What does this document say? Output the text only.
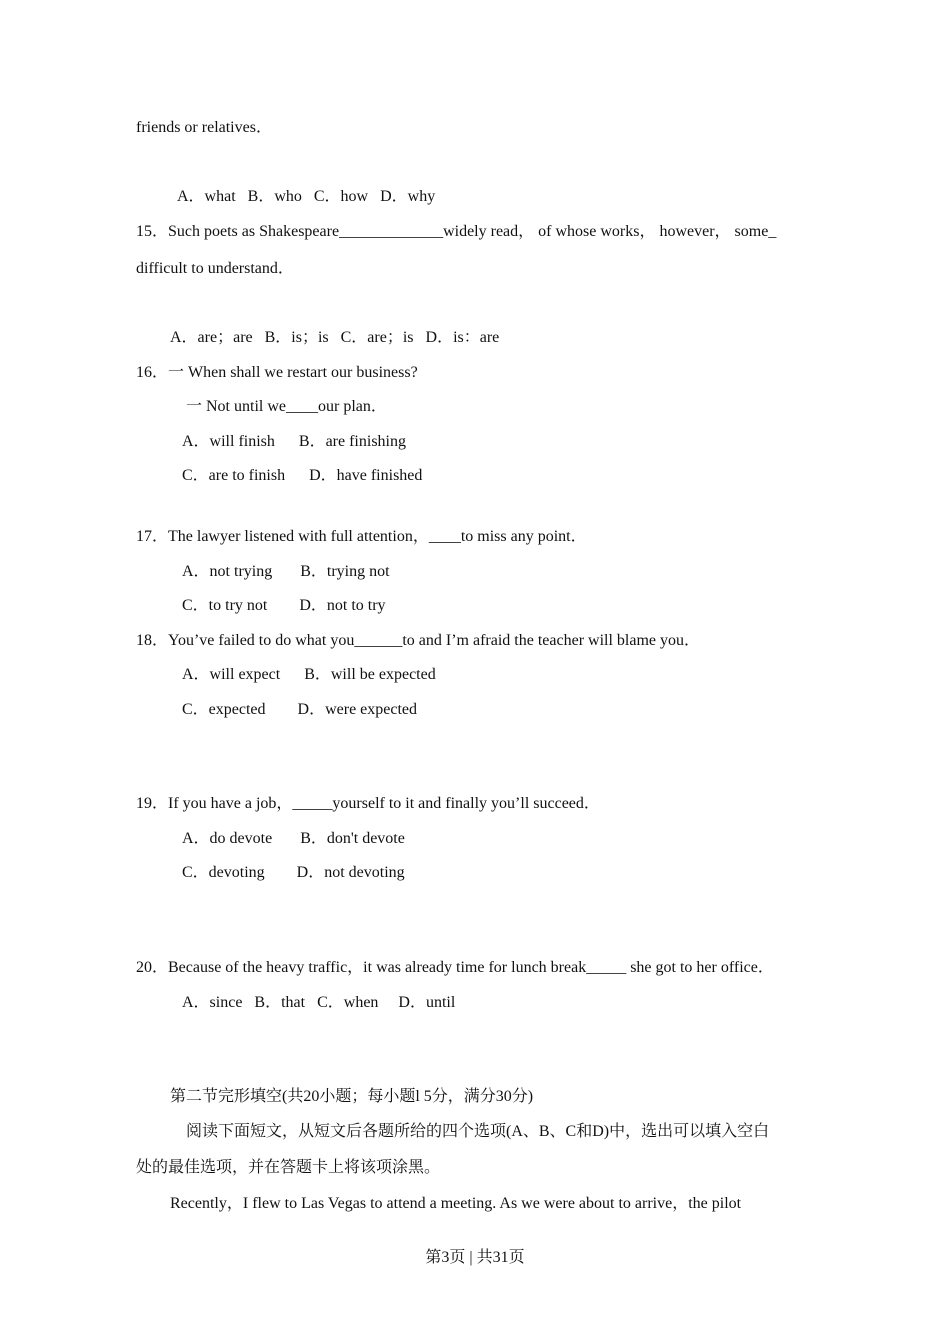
friends or relatives．
A．what   B．who   C．how   D．why
15．Such poets as Shakespeare_____________widely read， of whose works， however， some_
difficult to understand．
A．are；are   B．is；is   C．are；is   D．is：are
16．一 When shall we restart our business?
一 Not until we____our plan．
A．will finish      B．are finishing
C．are to finish      D．have finished
17．The lawyer listened with full attention，____to miss any point．
A．not trying       B．trying not
C．to try not        D．not to try
18．You’ve failed to do what you______to and I’m afraid the teacher will blame you．
A．will expect      B．will be expected
C．expected        D．were expected
19．If you have a job，_____yourself to it and finally you’ll succeed．
A．do devote       B．don't devote
C．devoting        D．not devoting
20．Because of the heavy traffic，it was already time for lunch break_____ she got to her office．
A．since   B．that   C．when     D．until
第二节完形填空(共20小题；每小题l 5分，满分30分)
阅读下面短文，从短文后各题所给的四个选项(A、B、C和D)中，选出可以填入空白
处的最佳选项，并在答题卡上将该项涂黑。
Recently，I flew to Las Vegas to attend a meeting. As we were about to arrive，the pilot
第3页 | 共31页
